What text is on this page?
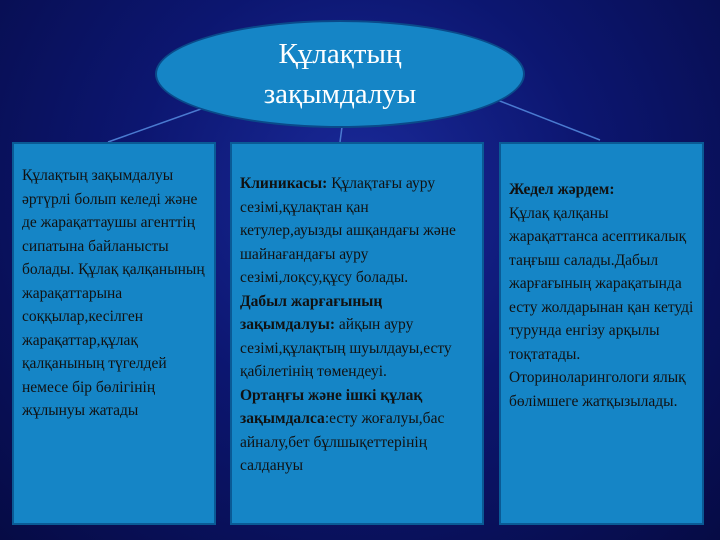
Құлақтың
зақымдалуы

Құлақтың зақымдалуы әртүрлі болып келеді және де жарақаттаушы агенттің сипатына байланысты болады. Құлақ қалқанының жарақаттарына соққылар,кесілген жарақаттар,құлақ қалқанының түгелдей немесе бір бөлігінің жұлынуы жатады

Клиникасы: Құлақтағы ауру сезімі,құлақтан қан кетулер,ауызды ашқандағы және шайнағандағы ауру сезімі,лоқсу,құсу болады.

Дабыл жарғағының зақымдалуы: айқын ауру сезімі,құлақтың шуылдауы,есту қабілетінің төмендеуі.

Ортаңғы және ішкі құлақ зақымдалса:есту жоғалуы,бас айналу,бет бұлшықеттерінің салдануы

Жедел жәрдем:

Құлақ қалқаны жарақаттанса асептикалық таңғыш салады.Дабыл жарғағының жарақатында есту жолдарынан қан кетуді турунда енгізу арқылы тоқтатады. Оториноларингологи ялық бөлімшеге жатқызылады.
